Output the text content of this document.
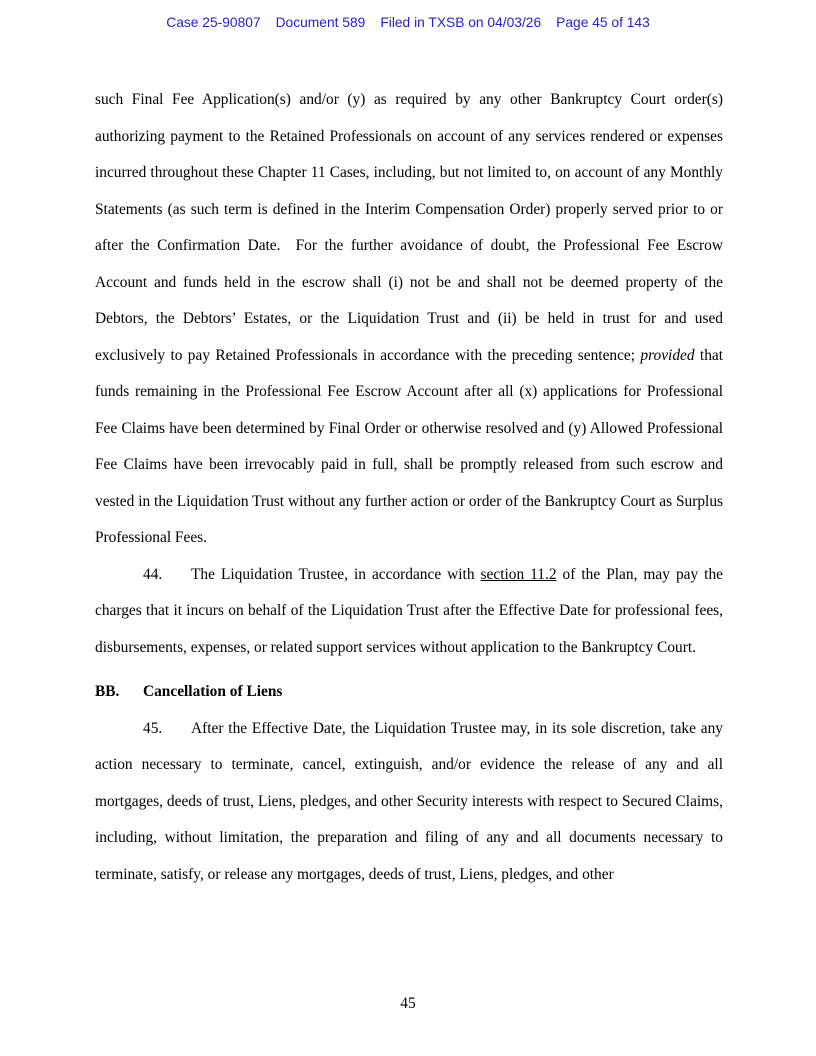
Case 25-90807 Document 589 Filed in TXSB on 04/03/26 Page 45 of 143

such Final Fee Application(s) and/or (y) as required by any other Bankruptcy Court order(s) authorizing payment to the Retained Professionals on account of any services rendered or expenses incurred throughout these Chapter 11 Cases, including, but not limited to, on account of any Monthly Statements (as such term is defined in the Interim Compensation Order) properly served prior to or after the Confirmation Date.  For the further avoidance of doubt, the Professional Fee Escrow Account and funds held in the escrow shall (i) not be and shall not be deemed property of the Debtors, the Debtors’ Estates, or the Liquidation Trust and (ii) be held in trust for and used exclusively to pay Retained Professionals in accordance with the preceding sentence; provided that funds remaining in the Professional Fee Escrow Account after all (x) applications for Professional Fee Claims have been determined by Final Order or otherwise resolved and (y) Allowed Professional Fee Claims have been irrevocably paid in full, shall be promptly released from such escrow and vested in the Liquidation Trust without any further action or order of the Bankruptcy Court as Surplus Professional Fees.

44. The Liquidation Trustee, in accordance with section 11.2 of the Plan, may pay the charges that it incurs on behalf of the Liquidation Trust after the Effective Date for professional fees, disbursements, expenses, or related support services without application to the Bankruptcy Court.

BB. Cancellation of Liens

45. After the Effective Date, the Liquidation Trustee may, in its sole discretion, take any action necessary to terminate, cancel, extinguish, and/or evidence the release of any and all mortgages, deeds of trust, Liens, pledges, and other Security interests with respect to Secured Claims, including, without limitation, the preparation and filing of any and all documents necessary to terminate, satisfy, or release any mortgages, deeds of trust, Liens, pledges, and other

45
